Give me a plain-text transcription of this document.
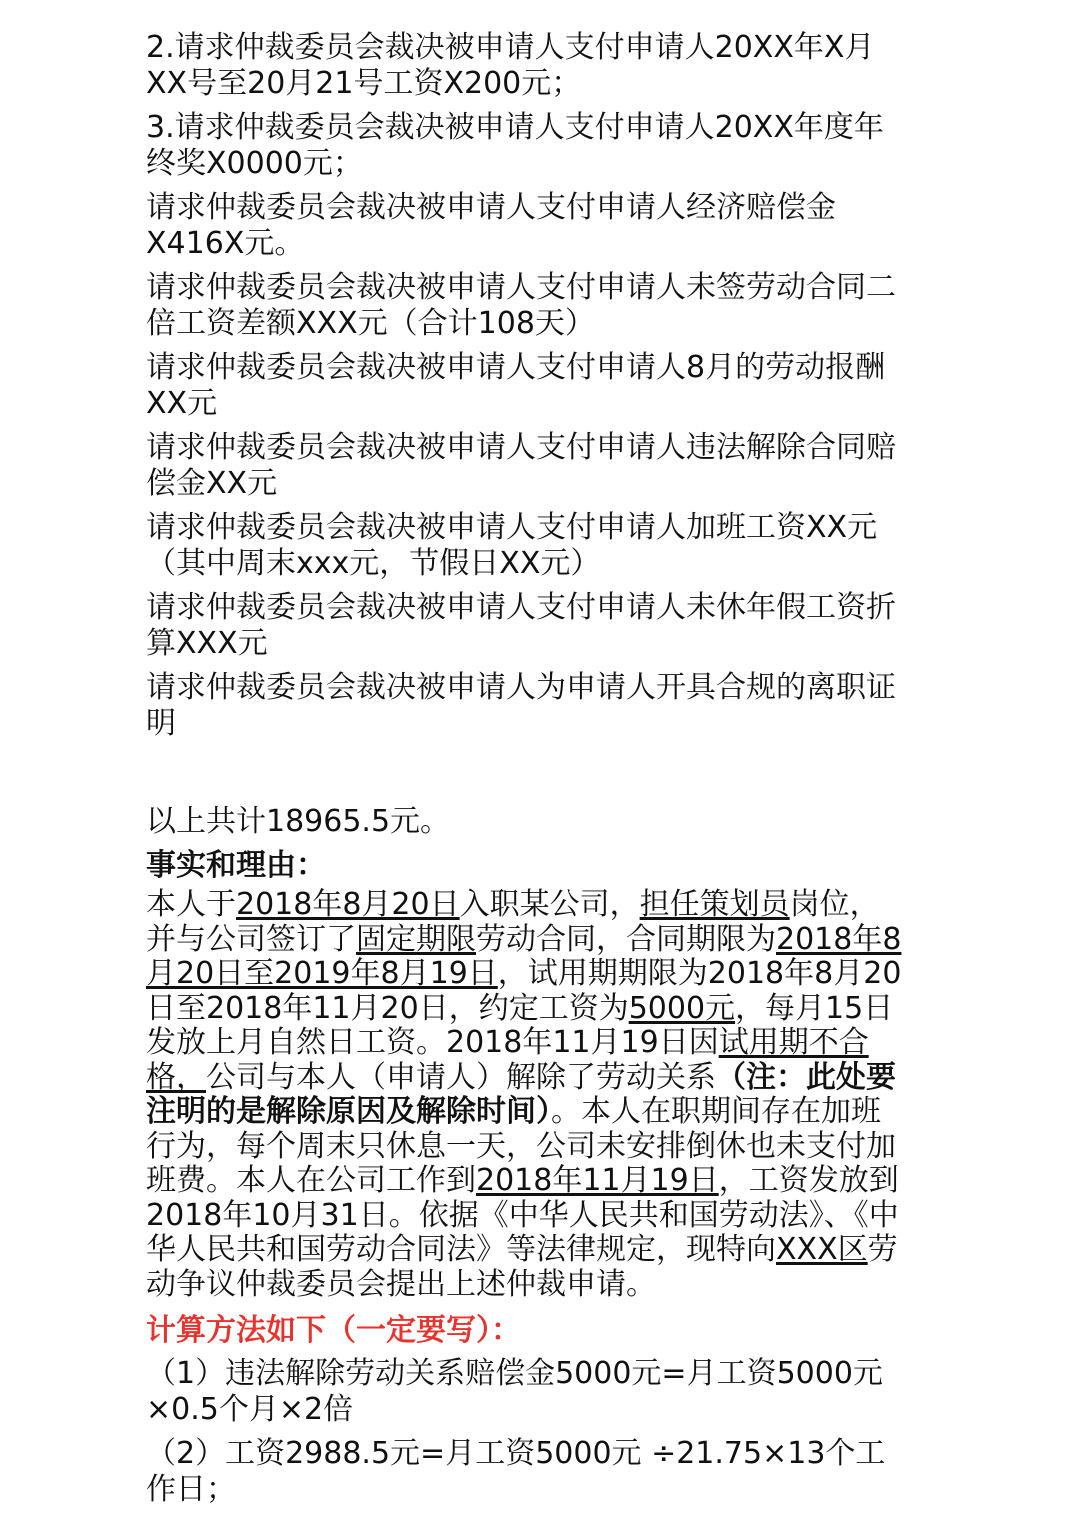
2.请求仲裁委员会裁决被申请人支付申请人20XX年X月XX号至20月21号工资X200元；

3.请求仲裁委员会裁决被申请人支付申请人20XX年度年终奖X0000元；

请求仲裁委员会裁决被申请人支付申请人经济赔偿金X416X元。

请求仲裁委员会裁决被申请人支付申请人未签劳动合同二倍工资差额XXX元（合计108天）

请求仲裁委员会裁决被申请人支付申请人8月的劳动报酬 XX元

请求仲裁委员会裁决被申请人支付申请人违法解除合同赔偿金XX元

请求仲裁委员会裁决被申请人支付申请人加班工资XX元（其中周末xxx元，节假日XX元）

请求仲裁委员会裁决被申请人支付申请人未休年假工资折算XXX元

请求仲裁委员会裁决被申请人为申请人开具合规的离职证明

以上共计18965.5元。

事实和理由：

本人于2018年8月20日入职某公司，担任策划员岗位，并与公司签订了固定期限劳动合同，合同期限为2018年8月20日至2019年8月19日，试用期期限为2018年8月20日至2018年11月20日，约定工资为5000元，每月15日发放上月自然日工资。2018年11月19日因试用期不合格，公司与本人（申请人）解除了劳动关系（注：此处要注明的是解除原因及解除时间）。本人在职期间存在加班行为，每个周末只休息一天，公司未安排倒休也未支付加班费。本人在公司工作到2018年11月19日，工资发放到2018年10月31日。依据《中华人民共和国劳动法》、《中华人民共和国劳动合同法》等法律规定，现特向XXX区劳动争议仲裁委员会提出上述仲裁申请。

计算方法如下（一定要写）：

（1）违法解除劳动关系赔偿金5000元=月工资5000元×0.5个月×2倍

（2）工资2988.5元=月工资5000元 ÷21.75×13个工作日；
